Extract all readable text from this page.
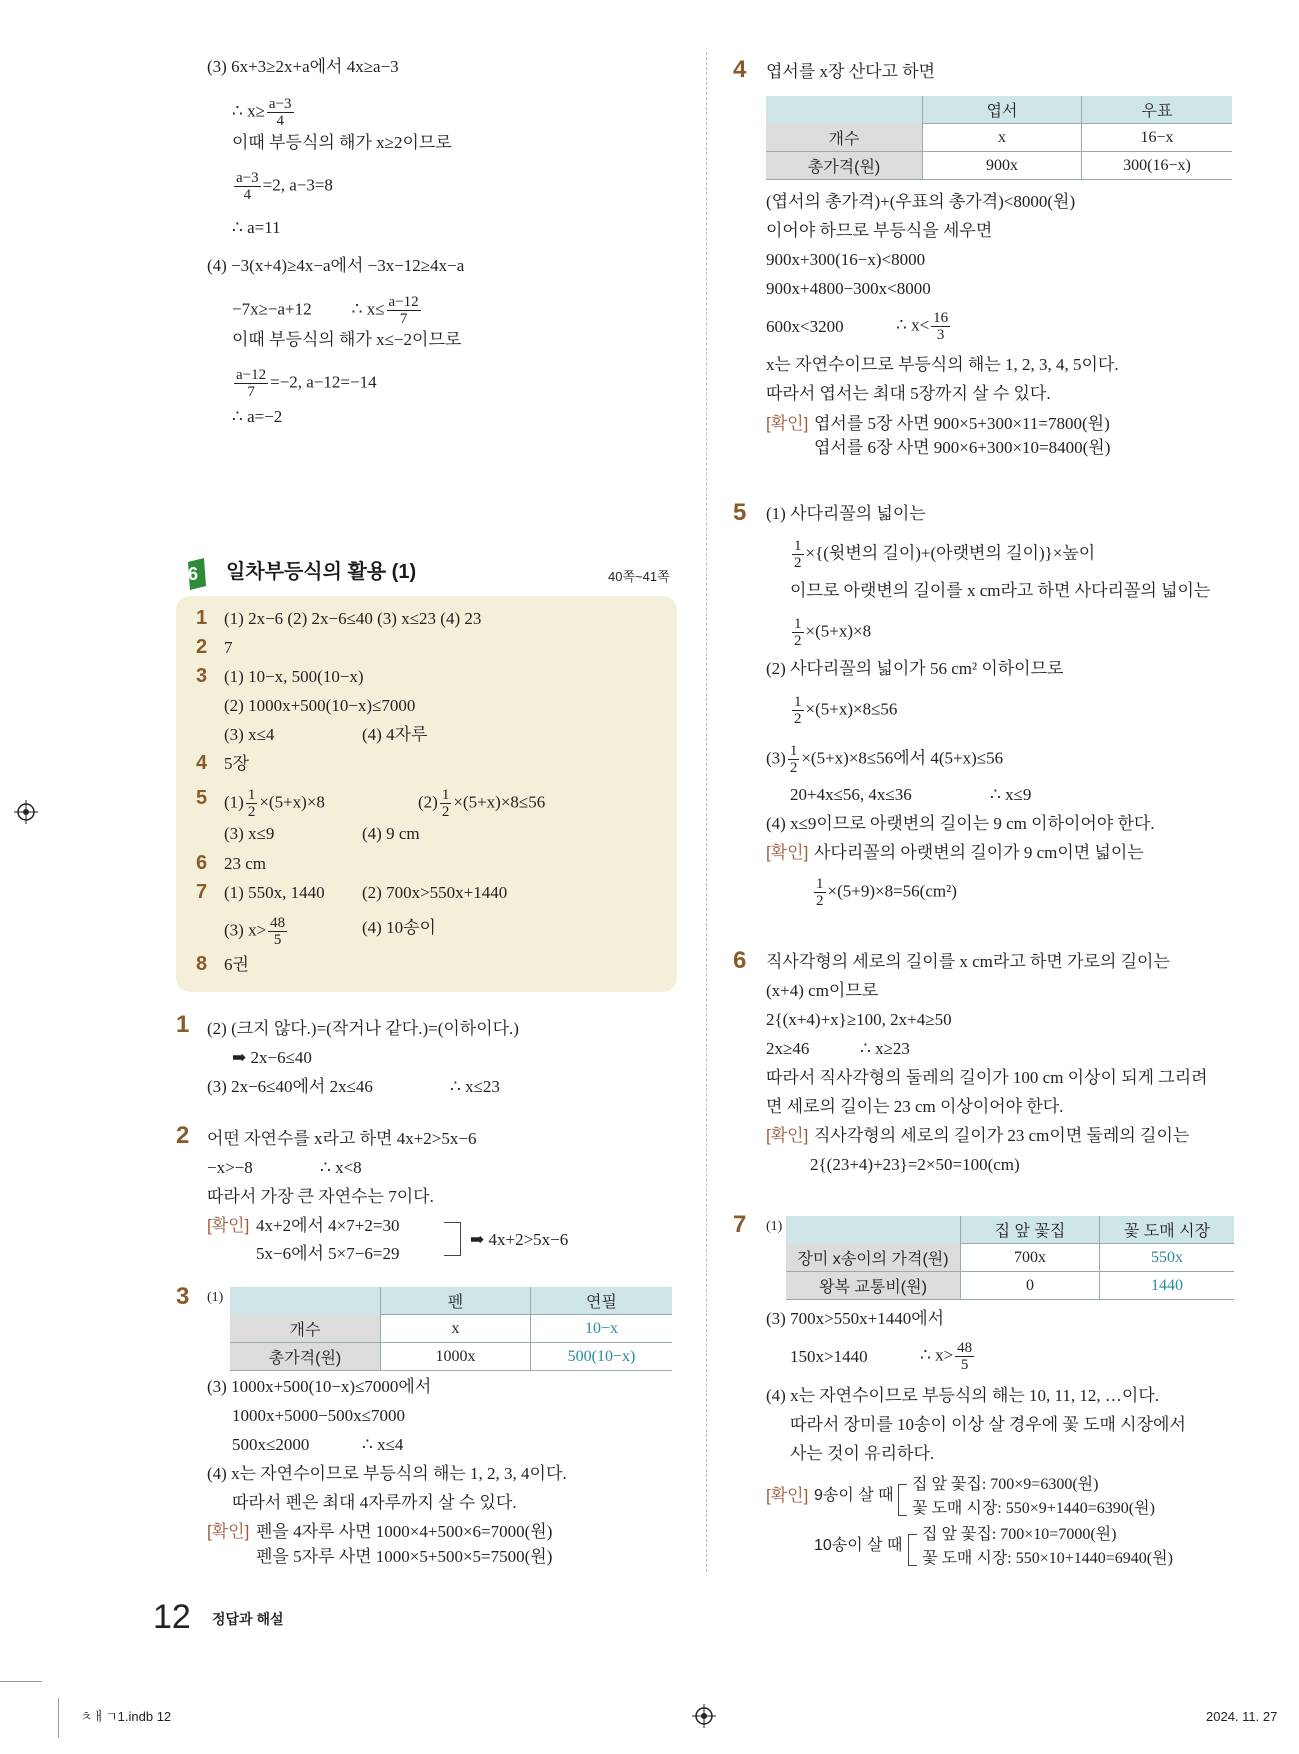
(3) 6x+3≥2x+a에서 4x≥a−3
∴ $x\ge \frac{a-3}{4}$
이때 부등식의 해가 x≥2이므로
$\frac{a-3}{4} =2$, a−3=8
∴ a=11
(4) −3(x+4)≥4x−a에서 −3x−12≥4x−a
−7x≥−a+12 ∴ $x\le \frac{a-12}{7}$
이때 부등식의 해가 x≤−2이므로
$\frac{a-12}{7} =-2$, a−12=−14
∴ a=−2
6 일차부등식의 활용 (1)	40쪽~41쪽
1 (1) 2x−6 (2) 2x−6≤40 (3) x≤23 (4) 23
2 7
3 (1) 10−x, 500(10−x)
(2) 1000x+500(10−x)≤7000
(3) x≤4	(4) 4자루
4 5장
5 $(1) \frac{1}{2} \times(5+x)\times 8$	$(2) \frac{1}{2} \times(5+x)\times 8\le 56$
(3) x≤9	(4) 9 cm
6 23 cm
7 (1) 550x, 1440 (2) 700x>550x+1440
(3) $x> \frac{48}{5}$	(4) 10송이
8 6권
1 (2) (크지 않다.)=(작거나 같다.)=(이하이다.)
➡ 2x−6≤40
(3) 2x−6≤40에서 2x≤46	∴ x≤23
2 어떤 자연수를 x라고 하면 4x+2>5x−6
−x>−8	∴ x<8
따라서 가장 큰 자연수는 7이다.
[확인] 4x+2에서 4×7+2=30
5x−6에서 5×7−6=29
➡ 4x+2>5x−6
3 (1)
		펜	연필
개수	x	10−x
총가격(원)	1000x	500(10−x)
(3) 1000x+500(10−x)≤7000에서
1000x+5000−500x≤7000
500x≤2000	∴ x≤4
(4) x는 자연수이므로 부등식의 해는 1, 2, 3, 4이다.
따라서 펜은 최대 4자루까지 살 수 있다.
[확인] 펜을 4자루 사면 1000×4+500×6=7000(원)
펜을 5자루 사면 1000×5+500×5=7500(원)
12 정답과 해설
4 엽서를 x장 산다고 하면
	엽서	우표
개수	x	16−x
총가격(원)	900x	300(16−x)
(엽서의 총가격)+(우표의 총가격)<8000(원)
이어야 하므로 부등식을 세우면
900x+300(16−x)<8000
900x+4800−300x<8000
600x<3200	∴ $x< \frac{16}{3}$
x는 자연수이므로 부등식의 해는 1, 2, 3, 4, 5이다.
따라서 엽서는 최대 5장까지 살 수 있다.
[확인] 엽서를 5장 사면 900×5+300×11=7800(원)
엽서를 6장 사면 900×6+300×10=8400(원)
5 (1) 사다리꼴의 넓이는
$\frac{1}{2}$ ×{(윗변의 길이)+(아랫변의 길이)}×높이
이므로 아랫변의 길이를 x cm라고 하면 사다리꼴의 넓이는
$\frac{1}{2} \times(5+x)\times 8$
(2) 사다리꼴의 넓이가 56 cm² 이하이므로
$\frac{1}{2} \times(5+x)\times 8\le 56$
$(3) \frac{1}{2} \times(5+x)\times 8\le 56$에서 4(5+x)≤56
20+4x≤56, 4x≤36	∴ x≤9
(4) x≤9이므로 아랫변의 길이는 9 cm 이하이어야 한다.
[확인] 사다리꼴의 아랫변의 길이가 9 cm이면 넓이는
$\frac{1}{2} \times(5+9)\times 8=56(cm^2)$
6 직사각형의 세로의 길이를 x cm라고 하면 가로의 길이는
(x+4) cm이므로
2{(x+4)+x}≥100, 2x+4≥50
2x≥46	∴ x≥23
따라서 직사각형의 둘레의 길이가 100 cm 이상이 되게 그리려
면 세로의 길이는 23 cm 이상이어야 한다.
[확인] 직사각형의 세로의 길이가 23 cm이면 둘레의 길이는
2{(23+4)+23}=2×50=100(cm)
7 (1)
		집 앞 꽃집	꽃 도매 시장
장미 x송이의 가격(원)	700x	550x
왕복 교통비(원)	0	1440
(3) 700x>550x+1440에서
150x>1440	∴ $x> \frac{48}{5}$
(4) x는 자연수이므로 부등식의 해는 10, 11, 12, …이다.
따라서 장미를 10송이 이상 살 경우에 꽃 도매 시장에서
사는 것이 유리하다.
[확인] 9송이 살 때
집 앞 꽃집: 700×9=6300(원)
꽃 도매 시장: 550×9+1440=6390(원)
10송이 살 때
집 앞 꽃집: 700×10=7000(원)
꽃 도매 시장: 550×10+1440=6940(원)
ㅊㅐㄱ1.indb 12	2024. 11. 27
